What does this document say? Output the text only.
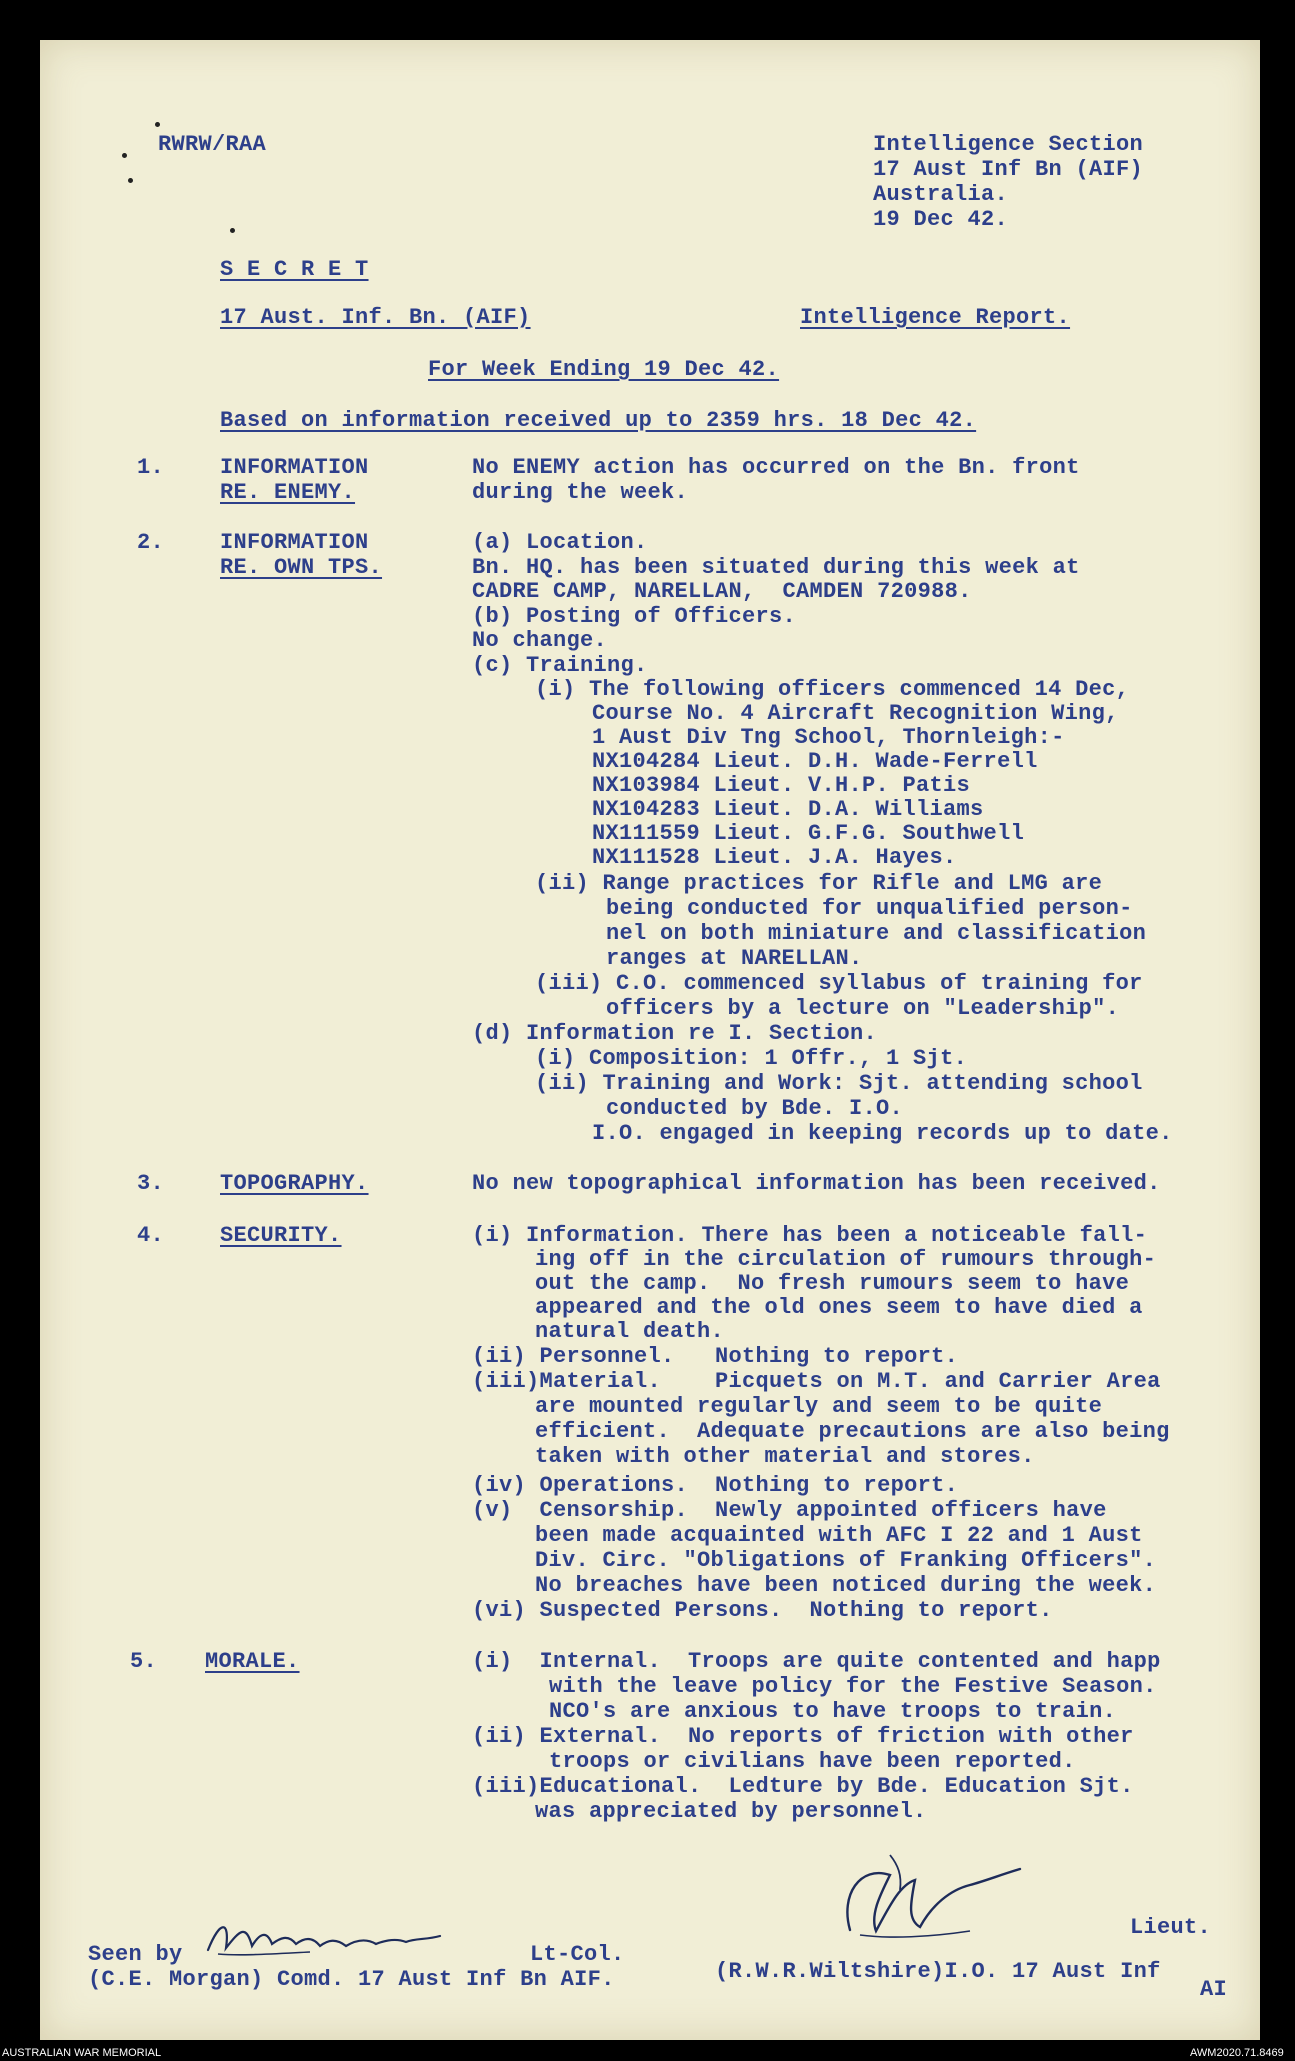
RWRW/RAA	Intelligence Section
17 Aust Inf Bn (AIF)
Australia.
19 Dec 42.
S E C R E T
17 Aust. Inf. Bn. (AIF)	Intelligence Report.
For Week Ending 19 Dec 42.
Based on information received up to 2359 hrs. 18 Dec 42.
1.	INFORMATION
RE. ENEMY.
No ENEMY action has occurred on the Bn. front
during the week.
2.	INFORMATION
RE. OWN TPS.
(a) Location.
Bn. HQ. has been situated during this week at
CADRE CAMP, NARELLAN,  CAMDEN 720988.
(b) Posting of Officers.
No change.
(c) Training.
(i) The following officers commenced 14 Dec,
Course No. 4 Aircraft Recognition Wing,
1 Aust Div Tng School, Thornleigh:-
NX104284 Lieut. D.H. Wade-Ferrell
NX103984 Lieut. V.H.P. Patis
NX104283 Lieut. D.A. Williams
NX111559 Lieut. G.F.G. Southwell
NX111528 Lieut. J.A. Hayes.
(ii) Range practices for Rifle and LMG are
being conducted for unqualified person-
nel on both miniature and classification
ranges at NARELLAN.
(iii) C.O. commenced syllabus of training for
officers by a lecture on "Leadership".
(d) Information re I. Section.
(i) Composition: 1 Offr., 1 Sjt.
(ii) Training and Work: Sjt. attending school
conducted by Bde. I.O.
I.O. engaged in keeping records up to date.
3.	TOPOGRAPHY.	No new topographical information has been received.
4.	SECURITY.	(i) Information. There has been a noticeable fall-
ing off in the circulation of rumours through-
out the camp.  No fresh rumours seem to have
appeared and the old ones seem to have died a
natural death.
(ii) Personnel.   Nothing to report.
(iii)Material.    Picquets on M.T. and Carrier Area
are mounted regularly and seem to be quite
efficient.  Adequate precautions are also being
taken with other material and stores.
(iv) Operations.  Nothing to report.
(v)  Censorship.  Newly appointed officers have
been made acquainted with AFC I 22 and 1 Aust
Div. Circ. "Obligations of Franking Officers".
No breaches have been noticed during the week.
(vi) Suspected Persons.  Nothing to report.
5. MORALE.	(i)  Internal.  Troops are quite contented and happ
with the leave policy for the Festive Season.
NCO's are anxious to have troops to train.
(ii) External.  No reports of friction with other
troops or civilians have been reported.
(iii)Educational.  Ledture by Bde. Education Sjt.
was appreciated by personnel.
Seen by	Lt-Col.
(C.E. Morgan) Comd. 17 Aust Inf Bn AIF.
Lieut.
(R.W.R.Wiltshire)I.O. 17 Aust Inf
AI
AUSTRALIAN WAR MEMORIAL	AWM2020.71.8469
